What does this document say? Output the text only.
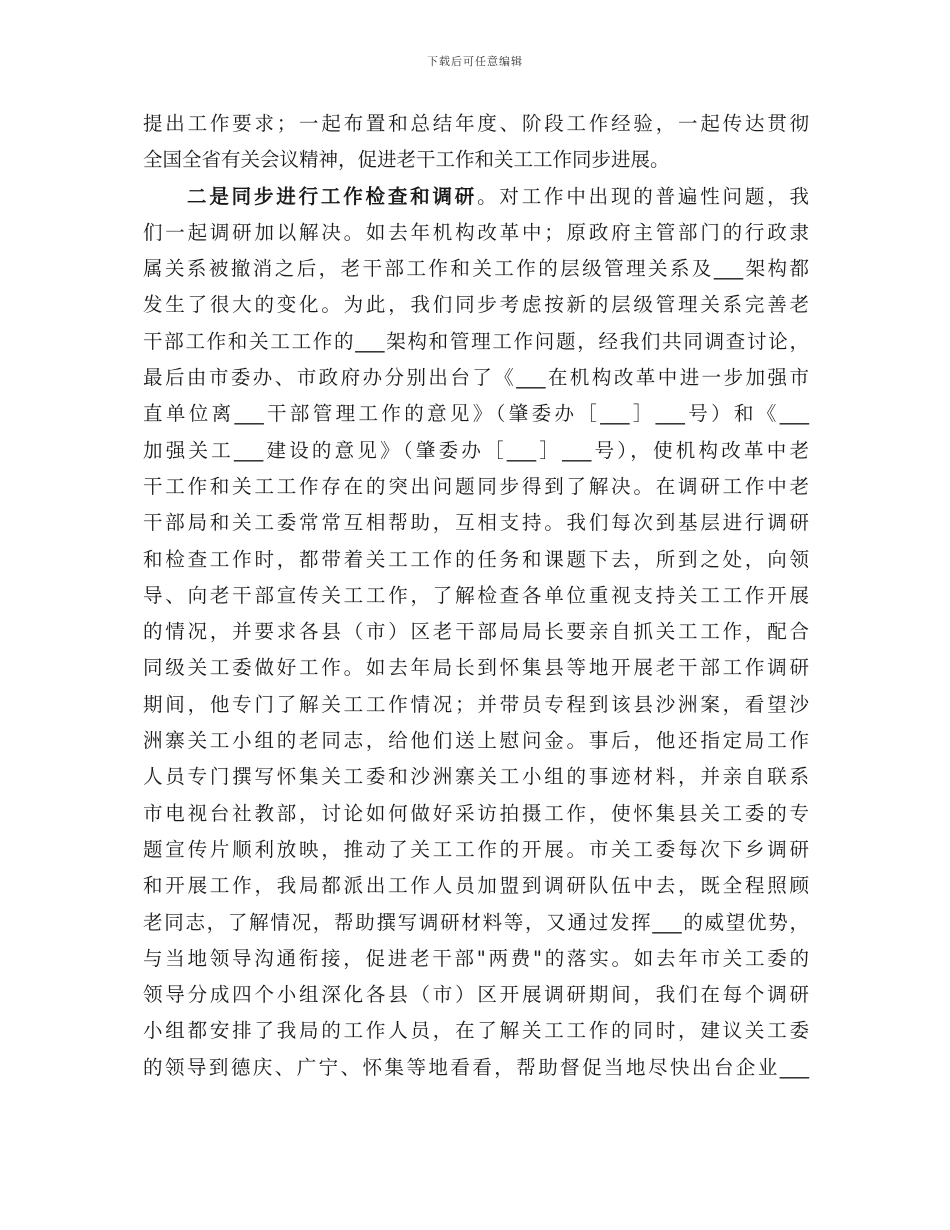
下载后可任意编辑
提出工作要求；一起布置和总结年度、阶段工作经验，一起传达贯彻
全国全省有关会议精神，促进老干工作和关工工作同步进展。
二是同步进行工作检查和调研。对工作中出现的普遍性问题，我
们一起调研加以解决。如去年机构改革中；原政府主管部门的行政隶
属关系被撤消之后，老干部工作和关工作的层级管理关系及___架构都
发生了很大的变化。为此，我们同步考虑按新的层级管理关系完善老
干部工作和关工工作的___架构和管理工作问题，经我们共同调查讨论，
最后由市委办、市政府办分别出台了《___在机构改革中进一步加强市
直单位离___干部管理工作的意见》（肇委办［___］___号）和《___
加强关工___建设的意见》（肇委办［___］___号），使机构改革中老
干工作和关工工作存在的突出问题同步得到了解决。在调研工作中老
干部局和关工委常常互相帮助，互相支持。我们每次到基层进行调研
和检查工作时，都带着关工工作的任务和课题下去，所到之处，向领
导、向老干部宣传关工工作，了解检查各单位重视支持关工工作开展
的情况，并要求各县（市）区老干部局局长要亲自抓关工工作，配合
同级关工委做好工作。如去年局长到怀集县等地开展老干部工作调研
期间，他专门了解关工工作情况；并带员专程到该县沙洲案，看望沙
洲寨关工小组的老同志，给他们送上慰问金。事后，他还指定局工作
人员专门撰写怀集关工委和沙洲寨关工小组的事迹材料，并亲自联系
市电视台社教部，讨论如何做好采访拍摄工作，使怀集县关工委的专
题宣传片顺利放映，推动了关工工作的开展。市关工委每次下乡调研
和开展工作，我局都派出工作人员加盟到调研队伍中去，既全程照顾
老同志，了解情况，帮助撰写调研材料等，又通过发挥___的威望优势，
与当地领导沟通衔接，促进老干部"两费"的落实。如去年市关工委的
领导分成四个小组深化各县（市）区开展调研期间，我们在每个调研
小组都安排了我局的工作人员，在了解关工工作的同时，建议关工委
的领导到德庆、广宁、怀集等地看看，帮助督促当地尽快出台企业___
